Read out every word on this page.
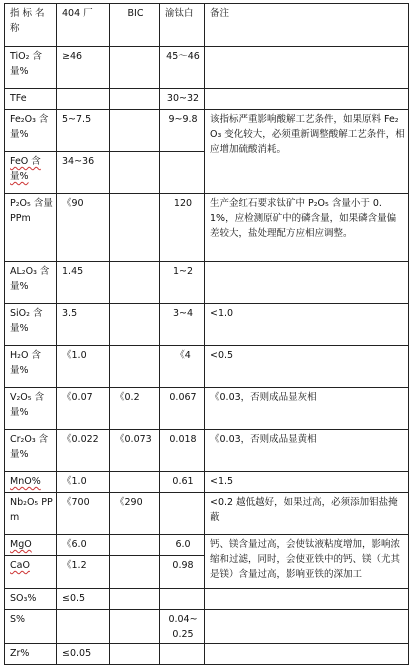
指 标 名 称	404 厂	BIC	渝钛白	备注
TiO₂ 含量%	≥46		45～46	
TFe			30~32	
Fe₂O₃ 含量%	5~7.5		9~9.8	该指标严重影响酸解工艺条件，如果原料 Fe₂O₃ 变化较大，必须重新调整酸解工艺条件，相应增加硫酸消耗。
FeO 含量%	34~36			
P₂O₅ 含量 PPm	《90		120	生产金红石要求钛矿中 P₂O₅ 含量小于 0.1%，应检测原矿中的磷含量，如果磷含量偏差较大，盐处理配方应相应调整。
AL₂O₃ 含量%	1.45		1~2	
SiO₂ 含量%	3.5		3~4	<1.0
H₂O 含量%	《1.0		《4	<0.5
V₂O₅ 含量%	《0.07	《0.2	0.067	《0.03，否则成品显灰相
Cr₂O₃ 含量%	《0.022	《0.073	0.018	《0.03，否则成品显黄相
MnO%	《1.0		0.61	<1.5
Nb₂O₅ PPm	《700	《290		<0.2 越低越好，如果过高，必须添加钼盐掩蔽
MgO	《6.0		6.0	钙、镁含量过高，会使钛液粘度增加，影响浓缩和过滤，同时，会使亚铁中的钙、镁（尤其是镁）含量过高，影响亚铁的深加工
CaO	《1.2		0.98	
SO₃%	≤0.5			
S%			0.04~0.25	
Zr%	≤0.05			
